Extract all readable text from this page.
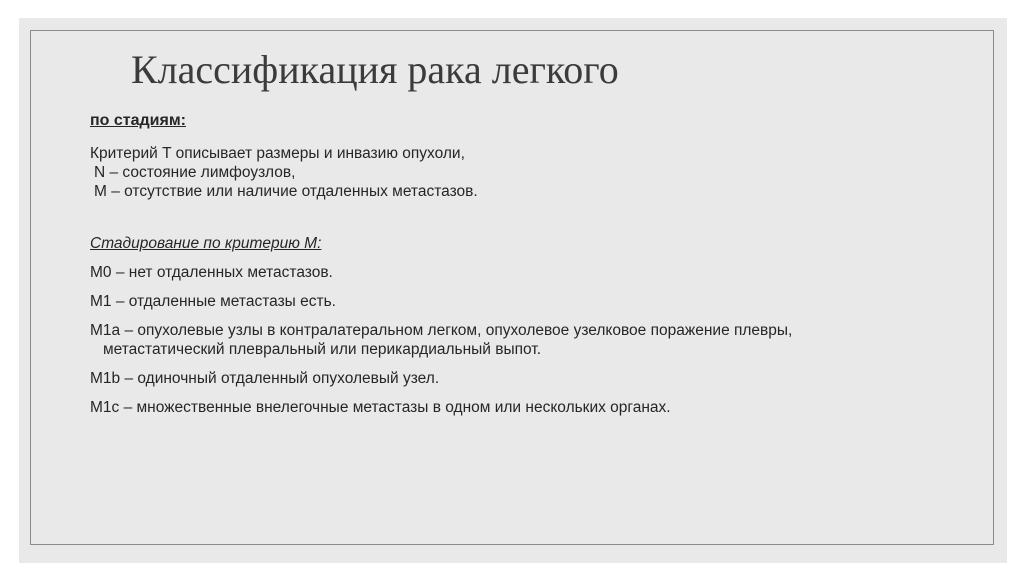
Классификация рака легкого

по стадиям:

Критерий T описывает размеры и инвазию опухоли,
N – состояние лимфоузлов,
M – отсутствие или наличие отдаленных метастазов.
Стадирование по критерию M:
M0 – нет отдаленных метастазов.
M1 – отдаленные метастазы есть.
M1a – опухолевые узлы в контралатеральном легком, опухолевое узелковое поражение плевры,
метастатический плевральный или перикардиальный выпот.
M1b – одиночный отдаленный опухолевый узел.
M1c – множественные внелегочные метастазы в одном или нескольких органах.
